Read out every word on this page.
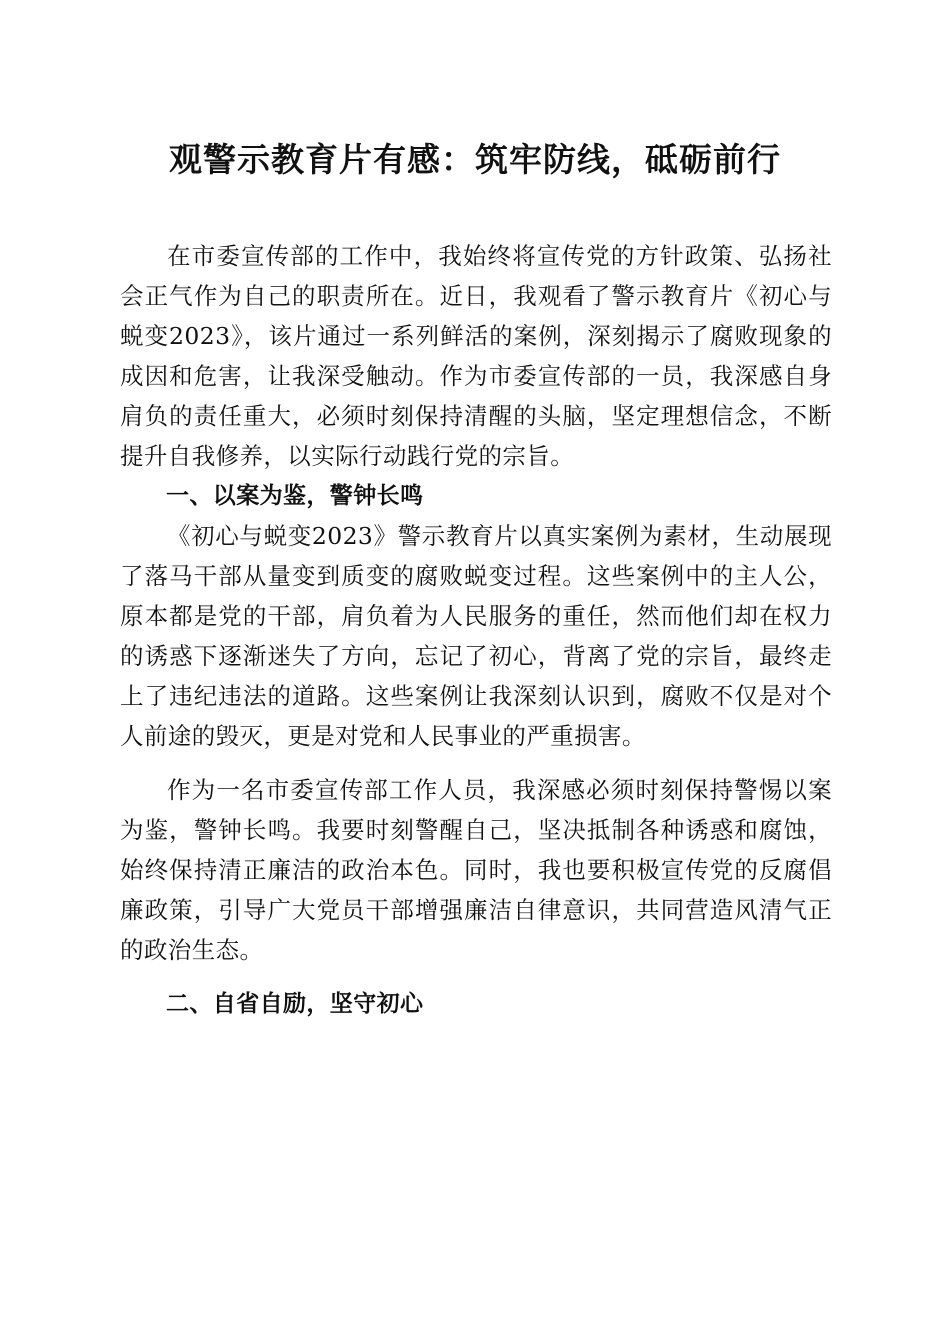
观警示教育片有感：筑牢防线，砥砺前行

在市委宣传部的工作中，我始终将宣传党的方针政策、弘扬社会正气作为自己的职责所在。近日，我观看了警示教育片《初心与蜕变2023》，该片通过一系列鲜活的案例，深刻揭示了腐败现象的成因和危害，让我深受触动。作为市委宣传部的一员，我深感自身肩负的责任重大，必须时刻保持清醒的头脑，坚定理想信念，不断提升自我修养，以实际行动践行党的宗旨。

一、以案为鉴，警钟长鸣

《初心与蜕变2023》警示教育片以真实案例为素材，生动展现了落马干部从量变到质变的腐败蜕变过程。这些案例中的主人公，原本都是党的干部，肩负着为人民服务的重任，然而他们却在权力的诱惑下逐渐迷失了方向，忘记了初心，背离了党的宗旨，最终走上了违纪违法的道路。这些案例让我深刻认识到，腐败不仅是对个人前途的毁灭，更是对党和人民事业的严重损害。

作为一名市委宣传部工作人员，我深感必须时刻保持警惕以案为鉴，警钟长鸣。我要时刻警醒自己，坚决抵制各种诱惑和腐蚀，始终保持清正廉洁的政治本色。同时，我也要积极宣传党的反腐倡廉政策，引导广大党员干部增强廉洁自律意识，共同营造风清气正的政治生态。

二、自省自励，坚守初心
